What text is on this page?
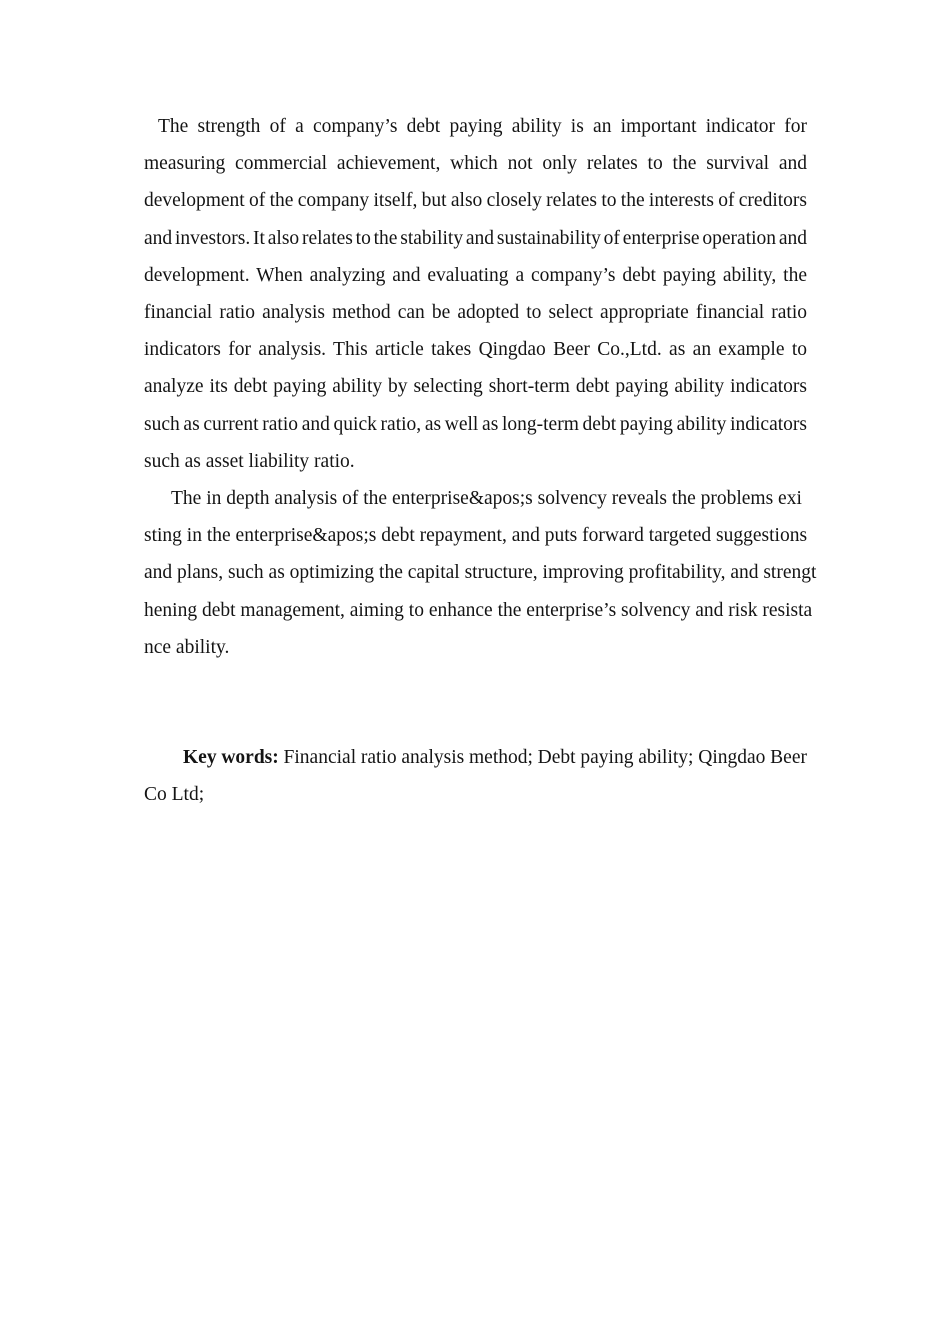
The strength of a company’s debt paying ability is an important indicator for
measuring commercial achievement, which not only relates to the survival and
development of the company itself, but also closely relates to the interests of creditors
and investors. It also relates to the stability and sustainability of enterprise operation and
development. When analyzing and evaluating a company’s debt paying ability, the
financial ratio analysis method can be adopted to select appropriate financial ratio
indicators for analysis. This article takes Qingdao Beer Co.,Ltd. as an example to
analyze its debt paying ability by selecting short-term debt paying ability indicators
such as current ratio and quick ratio, as well as long-term debt paying ability indicators
such as asset liability ratio.
The in depth analysis of the enterprise&apos;s solvency reveals the problems exi
sting in the enterprise&apos;s debt repayment, and puts forward targeted suggestions
and plans, such as optimizing the capital structure, improving profitability, and strengt
hening debt management, aiming to enhance the enterprise’s solvency and risk resista
nce ability.
Key words: Financial ratio analysis method; Debt paying ability; Qingdao Beer
Co Ltd;
